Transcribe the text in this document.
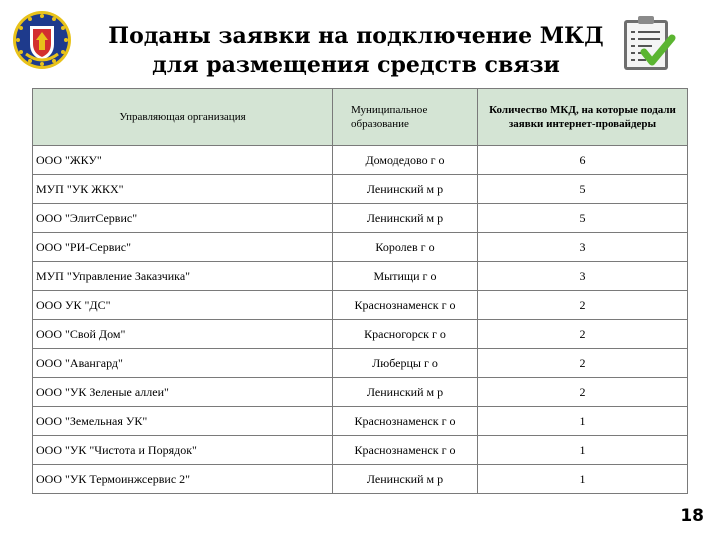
Поданы заявки на подключение МКД
для размещения средств связи
Управляющая организация	Муниципальное образование	Количество МКД, на которые подали заявки интернет-провайдеры
ООО "ЖКУ"	Домодедово г о	6
МУП "УК ЖКХ"	Ленинский м р	5
ООО "ЭлитСервис"	Ленинский м р	5
ООО "РИ-Сервис"	Королев г о	3
МУП "Управление Заказчика"	Мытищи г о	3
ООО УК "ДС"	Краснознаменск г о	2
ООО "Свой Дом"	Красногорск г о	2
ООО "Авангард"	Люберцы г о	2
ООО "УК Зеленые аллеи"	Ленинский м р	2
ООО "Земельная УК"	Краснознаменск г о	1
ООО "УК "Чистота и Порядок"	Краснознаменск г о	1
ООО "УК Термоинжсервис 2"	Ленинский м р	1
18
